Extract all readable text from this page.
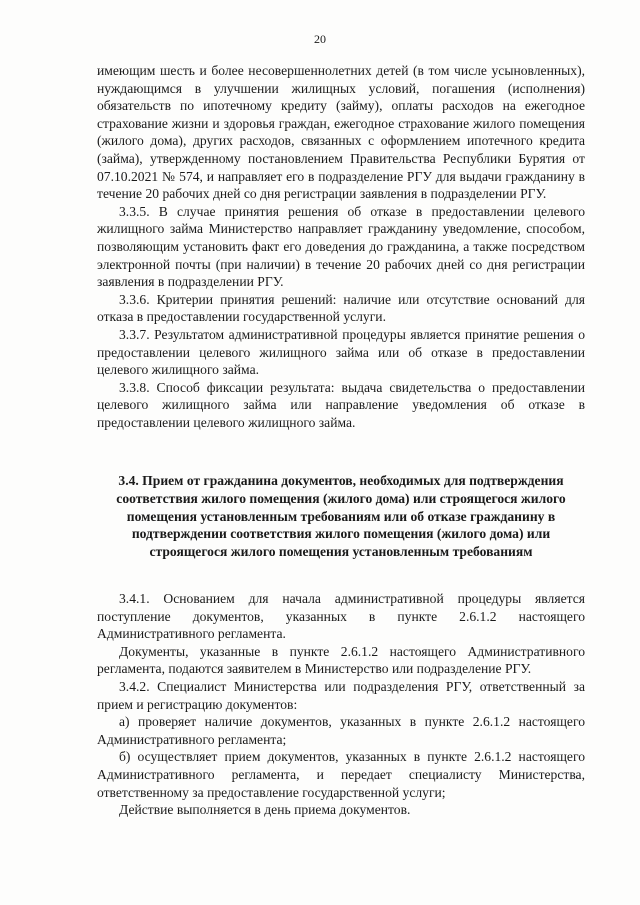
20

имеющим шесть и более несовершеннолетних детей (в том числе усыновленных), нуждающимся в улучшении жилищных условий, погашения (исполнения) обязательств по ипотечному кредиту (займу), оплаты расходов на ежегодное страхование жизни и здоровья граждан, ежегодное страхование жилого помещения (жилого дома), других расходов, связанных с оформлением ипотечного кредита (займа), утвержденному постановлением Правительства Республики Бурятия от 07.10.2021 № 574, и направляет его в подразделение РГУ для выдачи гражданину в течение 20 рабочих дней со дня регистрации заявления в подразделении РГУ.

3.3.5. В случае принятия решения об отказе в предоставлении целевого жилищного займа Министерство направляет гражданину уведомление, способом, позволяющим установить факт его доведения до гражданина, а также посредством электронной почты (при наличии) в течение 20 рабочих дней со дня регистрации заявления в подразделении РГУ.

3.3.6. Критерии принятия решений: наличие или отсутствие оснований для отказа в предоставлении государственной услуги.

3.3.7. Результатом административной процедуры является принятие решения о предоставлении целевого жилищного займа или об отказе в предоставлении целевого жилищного займа.

3.3.8. Способ фиксации результата: выдача свидетельства о предоставлении целевого жилищного займа или направление уведомления об отказе в предоставлении целевого жилищного займа.

3.4. Прием от гражданина документов, необходимых для подтверждения соответствия жилого помещения (жилого дома) или строящегося жилого помещения установленным требованиям или об отказе гражданину в подтверждении соответствия жилого помещения (жилого дома) или строящегося жилого помещения установленным требованиям

3.4.1. Основанием для начала административной процедуры является поступление документов, указанных в пункте 2.6.1.2 настоящего Административного регламента.

Документы, указанные в пункте 2.6.1.2 настоящего Административного регламента, подаются заявителем в Министерство или подразделение РГУ.

3.4.2. Специалист Министерства или подразделения РГУ, ответственный за прием и регистрацию документов:

а) проверяет наличие документов, указанных в пункте 2.6.1.2 настоящего Административного регламента;

б) осуществляет прием документов, указанных в пункте 2.6.1.2 настоящего Административного регламента, и передает специалисту Министерства, ответственному за предоставление государственной услуги;

Действие выполняется в день приема документов.
